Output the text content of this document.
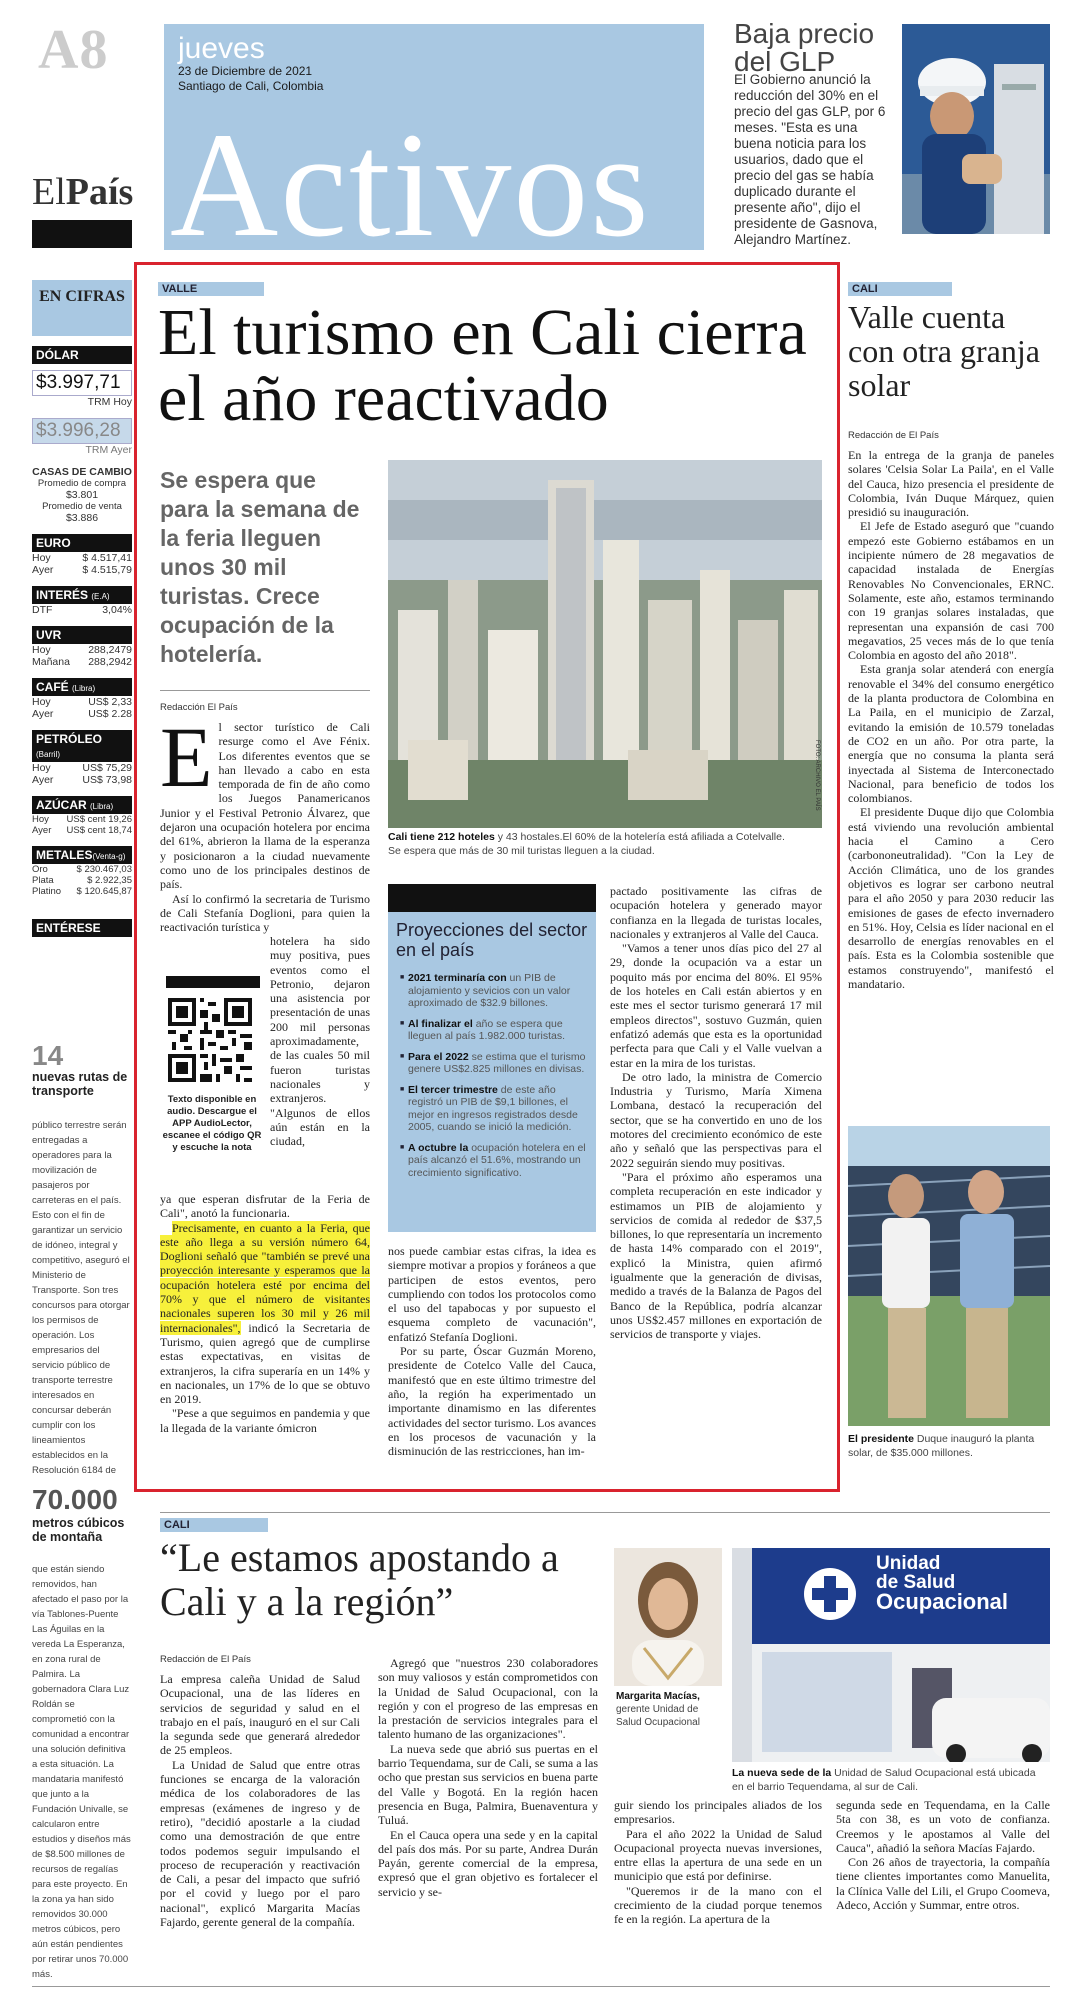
A8
ElPaís
jueves
23 de Diciembre de 2021
Santiago de Cali, Colombia
Activos
Baja precio del GLP
El Gobierno anunció la reducción del 30% en el precio del gas GLP, por 6 meses. "Esta es una buena noticia para los usuarios, dado que el precio del gas se había duplicado durante el presente año", dijo el presidente de Gasnova, Alejandro Martínez.
EN CIFRAS
DÓLAR
$3.997,71
TRM Hoy
$3.996,28
TRM Ayer
CASAS DE CAMBIO
Promedio de compra
$3.801
Promedio de venta
$3.886
EURO
Hoy	$ 4.517,41
Ayer	$ 4.515,79
INTERÉS (E.A)
DTF	3,04%
UVR
Hoy	288,2479
Mañana 288,2942
CAFÉ (Libra)
Hoy	US$ 2,33
Ayer	US$ 2.28
PETRÓLEO (Barril)
Hoy	US$ 75,29
Ayer	US$ 73,98
AZÚCAR (Libra)
Hoy US$ cent 19,26
Ayer US$ cent 18,74
METALES(Venta-g)
Oro	$ 230.467,03
Plata	$ 2.922,35
Platino $ 120.645,87
ENTÉRESE
14
nuevas rutas de transporte
público terrestre serán entregadas a operadores para la movilización de pasajeros por carreteras en el país. Esto con el fin de garantizar un servicio de idóneo, integral y competitivo, aseguró el Ministerio de Transporte. Son tres concursos para otorgar los permisos de operación. Los empresarios del servicio público de transporte terrestre interesados en concursar deberán cumplir con los lineamientos establecidos en la Resolución 6184 de
70.000
metros cúbicos de montaña
que están siendo removidos, han afectado el paso por la vía Tablones-Puente Las Águilas en la vereda La Esperanza, en zona rural de Palmira. La gobernadora Clara Luz Roldán se comprometió con la comunidad a encontrar una solución definitiva a esta situación. La mandataria manifestó que junto a la Fundación Univalle, se calcularon entre estudios y diseños más de $8.500 millones de recursos de regalías para este proyecto. En la zona ya han sido removidos 30.000 metros cúbicos, pero aún están pendientes por retirar unos 70.000 más.
VALLE
El turismo en Cali cierra el año reactivado
Se espera que para la semana de la feria lleguen unos 30 mil turistas. Crece ocupación de la hotelería.
Redacción El País
FOTO: ARCHIVO EL PAÍS
Cali tiene 212 hoteles y 43 hostales.El 60% de la hotelería está afiliada a Cotelvalle. Se espera que más de 30 mil turistas lleguen a la ciudad.
El sector turístico de Cali resurge como el Ave Fénix. Los diferentes eventos que se han llevado a cabo en esta temporada de fin de año como los Juegos Panamericanos Junior y el Festival Petronio Álvarez, que dejaron una ocupación hotelera por encima del 61%, abrieron la llama de la esperanza y posicionaron a la ciudad nuevamente como uno de los principales destinos de país.

Así lo confirmó la secretaria de Turismo de Cali Stefanía Doglioni, para quien la reactivación turística y

Texto disponible en audio. Descargue el APP AudioLector, escanee el código QR y escuche la nota
hotelera ha sido muy positiva, pues eventos como el Petronio, dejaron una asistencia por presentación de unas 200 mil personas aproximadamente, de las cuales 50 mil fueron turistas nacionales y extranjeros. "Algunos de ellos aún están en la ciudad,

ya que esperan disfrutar de la Feria de Cali", anotó la funcionaria.

Precisamente, en cuanto a la Feria, que este año llega a su versión número 64, Doglioni señaló que "también se prevé una proyección interesante y esperamos que la ocupación hotelera esté por encima del 70% y que el número de visitantes nacionales superen los 30 mil y 26 mil internacionales", indicó la Secretaria de Turismo, quien agregó que de cumplirse estas expectativas, en visitas de extranjeros, la cifra superaría en un 14% y en nacionales, un 17% de lo que se obtuvo en 2019.

"Pese a que seguimos en pandemia y que la llegada de la variante ómicron

Proyecciones del sector en el país
■ 2021 terminaría con un PIB de alojamiento y sevicios con un valor aproximado de $32.9 billones.
■ Al finalizar el año se espera que lleguen al país 1.982.000 turistas.
■ Para el 2022 se estima que el turismo genere US$2.825 millones en divisas.
■ El tercer trimestre de este año registró un PIB de $9,1 billones, el mejor en ingresos registrados desde 2005, cuando se inició la medición.
■ A octubre la ocupación hotelera en el país alcanzó el 51.6%, mostrando un crecimiento significativo.

nos puede cambiar estas cifras, la idea es siempre motivar a propios y foráneos a que participen de estos eventos, pero cumpliendo con todos los protocolos como el uso del tapabocas y por supuesto el esquema completo de vacunación", enfatizó Stefanía Doglioni.

Por su parte, Óscar Guzmán Moreno, presidente de Cotelco Valle del Cauca, manifestó que en este último trimestre del año, la región ha experimentado un importante dinamismo en las diferentes actividades del sector turismo. Los avances en los procesos de vacunación y la disminución de las restricciones, han im-

pactado positivamente las cifras de ocupación hotelera y generado mayor confianza en la llegada de turistas locales, nacionales y extranjeros al Valle del Cauca.

"Vamos a tener unos días pico del 27 al 29, donde la ocupación va a estar un poquito más por encima del 80%. El 95% de los hoteles en Cali están abiertos y en este mes el sector turismo generará 17 mil empleos directos", sostuvo Guzmán, quien enfatizó además que esta es la oportunidad perfecta para que Cali y el Valle vuelvan a estar en la mira de los turistas.

De otro lado, la ministra de Comercio Industria y Turismo, María Ximena Lombana, destacó la recuperación del sector, que se ha convertido en uno de los motores del crecimiento económico de este año y señaló que las perspectivas para el 2022 seguirán siendo muy positivas.

"Para el próximo año esperamos una completa recuperación en este indicador y estimamos un PIB de alojamiento y servicios de comida al rededor de $37,5 billones, lo que representaría un incremento de hasta 14% comparado con el 2019", explicó la Ministra, quien afirmó igualmente que la generación de divisas, medido a través de la Balanza de Pagos del Banco de la República, podría alcanzar unos US$2.457 millones en exportación de servicios de transporte y viajes.

CALI
Valle cuenta con otra granja solar
Redacción de El País

En la entrega de la granja de paneles solares 'Celsia Solar La Paila', en el Valle del Cauca, hizo presencia el presidente de Colombia, Iván Duque Márquez, quien presidió su inauguración.

El Jefe de Estado aseguró que "cuando empezó este Gobierno estábamos en un incipiente número de 28 megavatios de capacidad instalada de Energías Renovables No Convencionales, ERNC. Solamente, este año, estamos terminando con 19 granjas solares instaladas, que representan una expansión de casi 700 megavatios, 25 veces más de lo que tenía Colombia en agosto del año 2018".

Esta granja solar atenderá con energía renovable el 34% del consumo energético de la planta productora de Colombina en La Paila, en el municipio de Zarzal, evitando la emisión de 10.579 toneladas de CO2 en un año. Por otra parte, la energía que no consuma la planta será inyectada al Sistema de Interconectado Nacional, para beneficio de todos los colombianos.

El presidente Duque dijo que Colombia está viviendo una revolución ambiental hacia el Camino a Cero (carbononeutralidad). "Con la Ley de Acción Climática, uno de los grandes objetivos es lograr ser carbono neutral para el año 2050 y para 2030 reducir las emisiones de gases de efecto invernadero en 51%. Hoy, Celsia es líder nacional en el desarrollo de energías renovables en el país. Esta es la Colombia sostenible que estamos construyendo", manifestó el mandatario.

El presidente Duque inauguró la planta solar, de $35.000 millones.
CALI
“Le estamos apostando a Cali y a la región”
Redacción de El País
Margarita Macías,
gerente Unidad de Salud Ocupacional
Unidad
de Salud
Ocupacional
La nueva sede de la Unidad de Salud Ocupacional está ubicada en el barrio Tequendama, al sur de Cali.

La empresa caleña Unidad de Salud Ocupacional, una de las líderes en servicios de seguridad y salud en el trabajo en el país, inauguró en el sur Cali la segunda sede que generará alrededor de 25 empleos.

La Unidad de Salud que entre otras funciones se encarga de la valoración médica de los colaboradores de las empresas (exámenes de ingreso y de retiro), "decidió apostarle a la ciudad como una demostración de que entre todos podemos seguir impulsando el proceso de recuperación y reactivación de Cali, a pesar del impacto que sufrió por el covid y luego por el paro nacional", explicó Margarita Macías Fajardo, gerente general de la compañía.

Agregó que "nuestros 230 colaboradores son muy valiosos y están comprometidos con la Unidad de Salud Ocupacional, con la región y con el progreso de las empresas en la prestación de servicios integrales para el talento humano de las organizaciones".

La nueva sede que abrió sus puertas en el barrio Tequendama, sur de Cali, se suma a las ocho que prestan sus servicios en buena parte del Valle y Bogotá. En la región hacen presencia en Buga, Palmira, Buenaventura y Tuluá.

En el Cauca opera una sede y en la capital del país dos más. Por su parte, Andrea Durán Payán, gerente comercial de la empresa, expresó que el gran objetivo es fortalecer el servicio y se-

guir siendo los principales aliados de los empresarios.

Para el año 2022 la Unidad de Salud Ocupacional proyecta nuevas inversiones, entre ellas la apertura de una sede en un municipio que está por definirse.

"Queremos ir de la mano con el crecimiento de la ciudad porque tenemos fe en la región. La apertura de la

segunda sede en Tequendama, en la Calle 5ta con 38, es un voto de confianza. Creemos y le apostamos al Valle del Cauca", añadió la señora Macías Fajardo.

Con 26 años de trayectoria, la compañía tiene clientes importantes como Manuelita, la Clínica Valle del Lili, el Grupo Coomeva, Adeco, Acción y Summar, entre otros.
